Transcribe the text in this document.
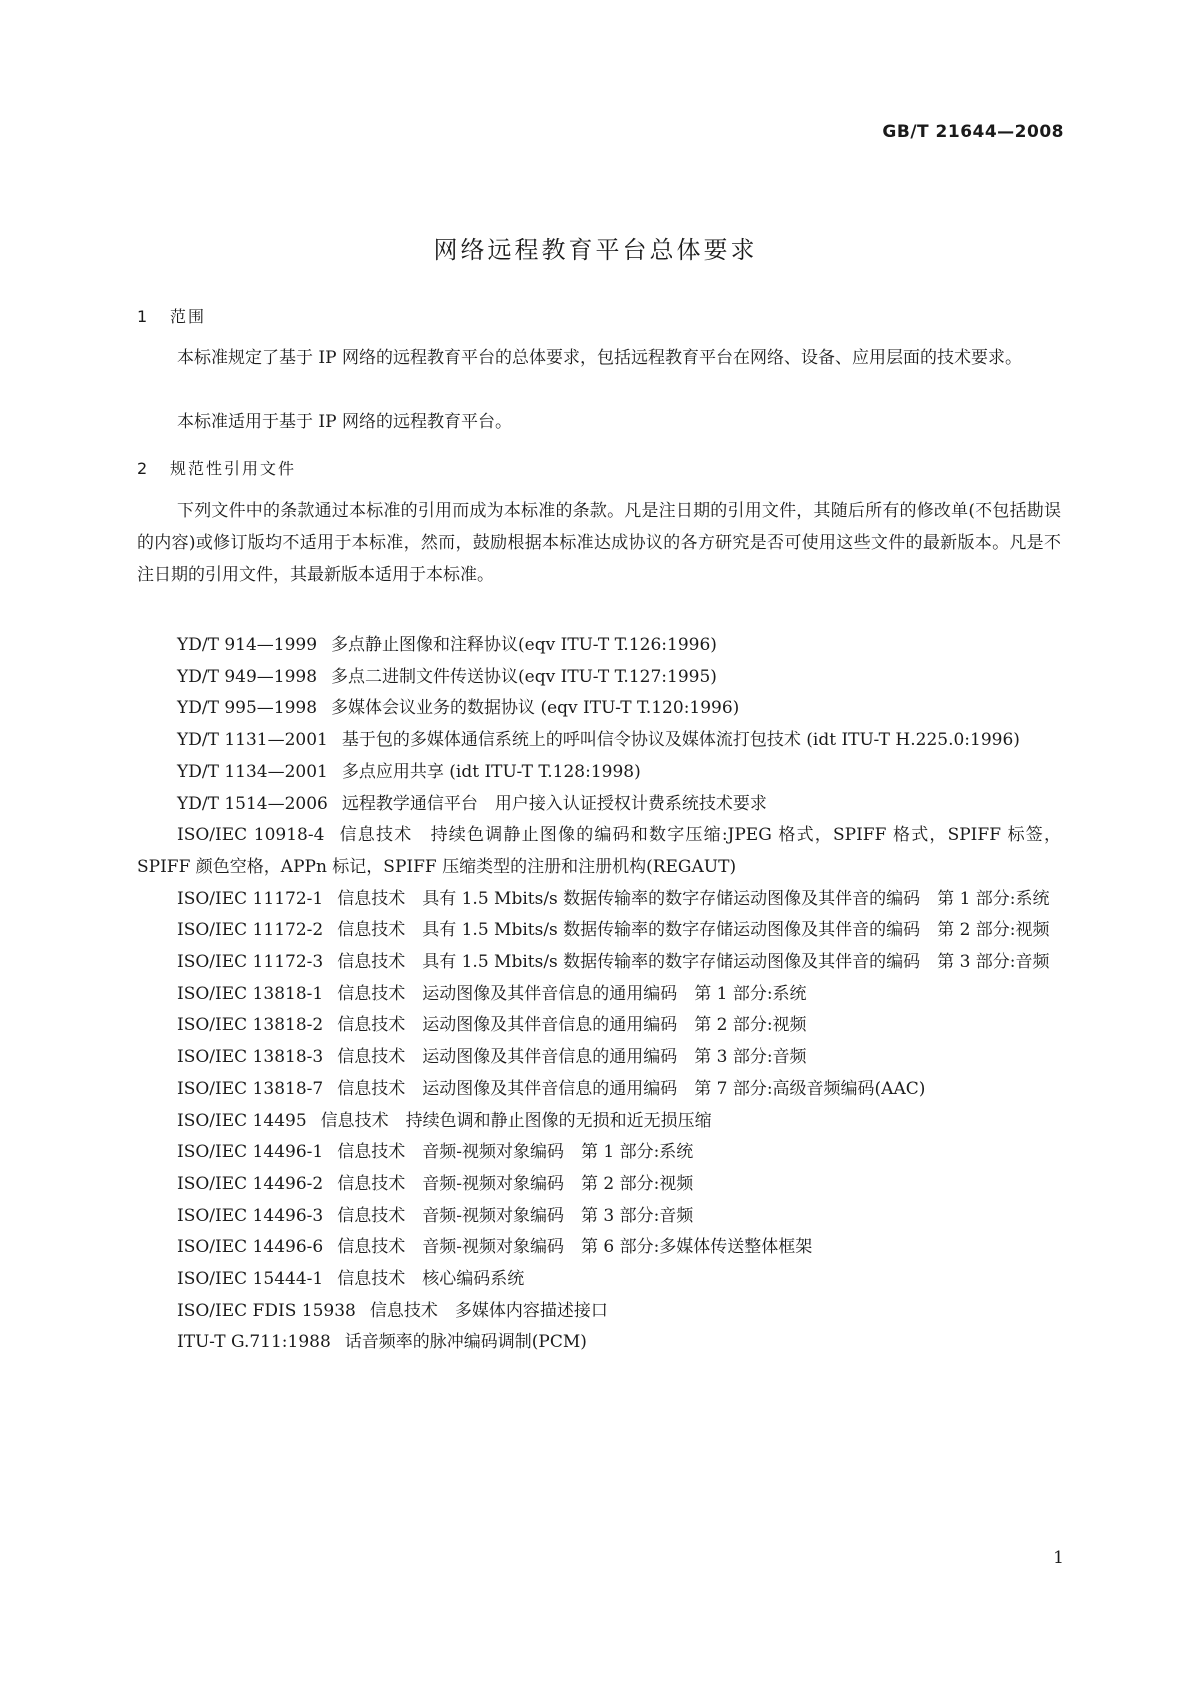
GB/T 21644—2008
网络远程教育平台总体要求
1 范围

本标准规定了基于 IP 网络的远程教育平台的总体要求，包括远程教育平台在网络、设备、应用层面的技术要求。

本标准适用于基于 IP 网络的远程教育平台。

2 规范性引用文件

下列文件中的条款通过本标准的引用而成为本标准的条款。凡是注日期的引用文件，其随后所有的修改单(不包括勘误的内容)或修订版均不适用于本标准，然而，鼓励根据本标准达成协议的各方研究是否可使用这些文件的最新版本。凡是不注日期的引用文件，其最新版本适用于本标准。

YD/T 914—1999 多点静止图像和注释协议(eqv ITU-T T.126:1996)
YD/T 949—1998 多点二进制文件传送协议(eqv ITU-T T.127:1995)
YD/T 995—1998 多媒体会议业务的数据协议 (eqv ITU-T T.120:1996)
YD/T 1131—2001 基于包的多媒体通信系统上的呼叫信令协议及媒体流打包技术 (idt ITU-T H.225.0:1996)
YD/T 1134—2001 多点应用共享 (idt ITU-T T.128:1998)
YD/T 1514—2006 远程教学通信平台　用户接入认证授权计费系统技术要求
ISO/IEC 10918-4 信息技术　持续色调静止图像的编码和数字压缩:JPEG 格式，SPIFF 格式，SPIFF 标签，SPIFF 颜色空格，APPn 标记，SPIFF 压缩类型的注册和注册机构(REGAUT)
ISO/IEC 11172-1 信息技术　具有 1.5 Mbits/s 数据传输率的数字存储运动图像及其伴音的编码　第 1 部分:系统
ISO/IEC 11172-2 信息技术　具有 1.5 Mbits/s 数据传输率的数字存储运动图像及其伴音的编码　第 2 部分:视频
ISO/IEC 11172-3 信息技术　具有 1.5 Mbits/s 数据传输率的数字存储运动图像及其伴音的编码　第 3 部分:音频
ISO/IEC 13818-1 信息技术　运动图像及其伴音信息的通用编码　第 1 部分:系统
ISO/IEC 13818-2 信息技术　运动图像及其伴音信息的通用编码　第 2 部分:视频
ISO/IEC 13818-3 信息技术　运动图像及其伴音信息的通用编码　第 3 部分:音频
ISO/IEC 13818-7 信息技术　运动图像及其伴音信息的通用编码　第 7 部分:高级音频编码(AAC)
ISO/IEC 14495 信息技术　持续色调和静止图像的无损和近无损压缩
ISO/IEC 14496-1 信息技术　音频-视频对象编码　第 1 部分:系统
ISO/IEC 14496-2 信息技术　音频-视频对象编码　第 2 部分:视频
ISO/IEC 14496-3 信息技术　音频-视频对象编码　第 3 部分:音频
ISO/IEC 14496-6 信息技术　音频-视频对象编码　第 6 部分:多媒体传送整体框架
ISO/IEC 15444-1 信息技术　核心编码系统
ISO/IEC FDIS 15938 信息技术　多媒体内容描述接口
ITU-T G.711:1988 话音频率的脉冲编码调制(PCM)
1
